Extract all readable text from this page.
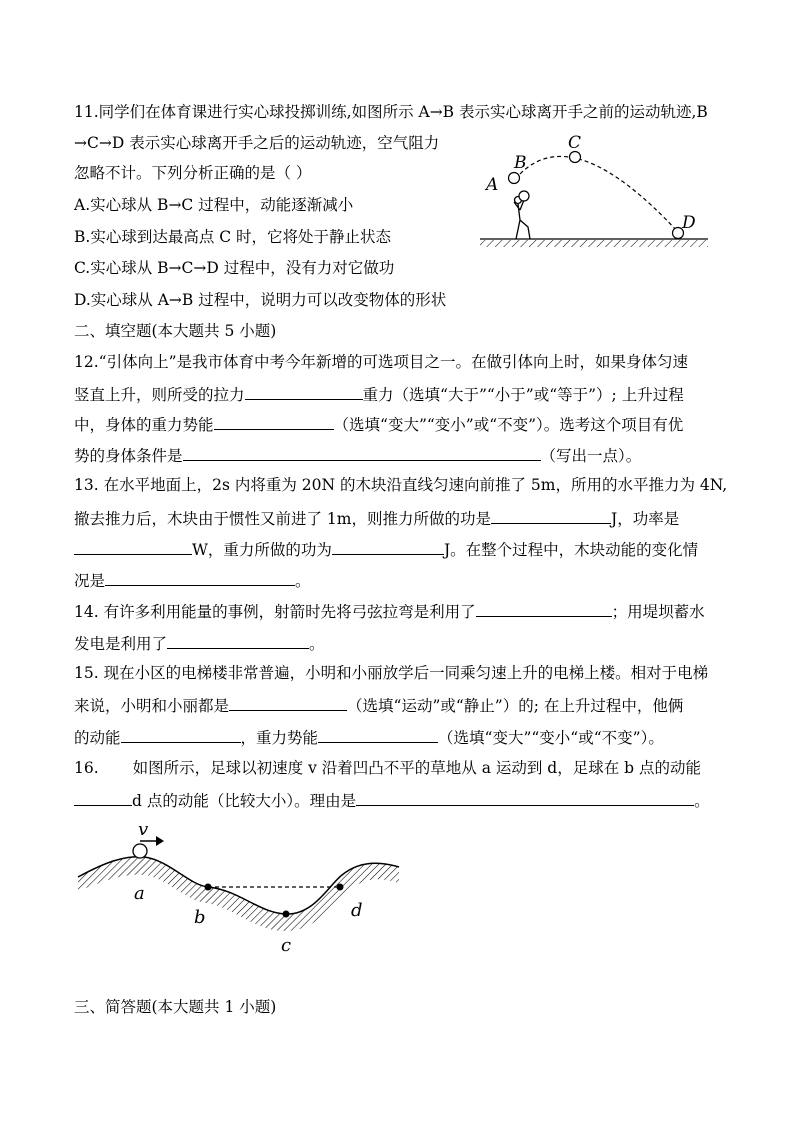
11.同学们在体育课进行实心球投掷训练,如图所示 A→B 表示实心球离开手之前的运动轨迹,B
→C→D 表示实心球离开手之后的运动轨迹，空气阻力
忽略不计。下列分析正确的是（ ）
A.实心球从 B→C 过程中，动能逐渐减小
B.实心球到达最高点 C 时，它将处于静止状态
C.实心球从 B→C→D 过程中，没有力对它做功
D.实心球从 A→B 过程中，说明力可以改变物体的形状
A
B
C
D
二、填空题(本大题共 5 小题)
12.“引体向上”是我市体育中考今年新增的可选项目之一。在做引体向上时，如果身体匀速
竖直上升，则所受的拉力	重力（选填“大于”“小于”或“等于”）; 上升过程
中，身体的重力势能	（选填“变大”“变小”或“不变”）。选考这个项目有优
势的身体条件是	（写出一点）。
13. 在水平地面上，2s 内将重为 20N 的木块沿直线匀速向前推了 5m，所用的水平推力为 4N,
撤去推力后，木块由于惯性又前进了 1m，则推力所做的功是	J，功率是
W，重力所做的功为	J。在整个过程中，木块动能的变化情
况是	。
14. 有许多利用能量的事例，射箭时先将弓弦拉弯是利用了	；用堤坝蓄水
发电是利用了	。
15. 现在小区的电梯楼非常普遍，小明和小丽放学后一同乘匀速上升的电梯上楼。相对于电梯
来说，小明和小丽都是	（选填“运动”或“静止”）的; 在上升过程中，他俩
的动能	，重力势能	（选填“变大”“变小“或“不变”）。
16. 如图所示，足球以初速度 v 沿着凹凸不平的草地从 a 运动到 d，足球在 b 点的动能
d 点的动能（比较大小）。理由是	。
v
a
b
c
d
三、简答题(本大题共 1 小题)
